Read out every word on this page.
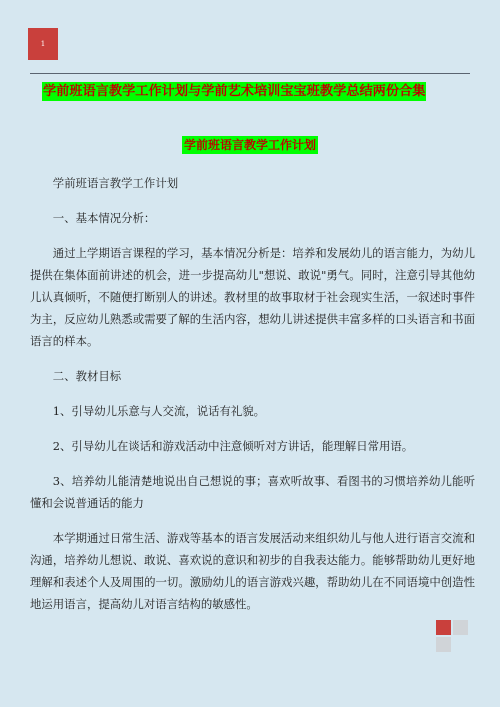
1
学前班语言教学工作计划与学前艺术培训宝宝班教学总结两份合集
学前班语言教学工作计划

学前班语言教学工作计划

一、基本情况分析：

通过上学期语言课程的学习，基本情况分析是：培养和发展幼儿的语言能力，为幼儿提供在集体面前讲述的机会，进一步提高幼儿"想说、敢说"勇气。同时，注意引导其他幼儿认真倾听，不随便打断别人的讲述。教材里的故事取材于社会现实生活，一叙述时事件为主，反应幼儿熟悉或需要了解的生活内容，想幼儿讲述提供丰富多样的口头语言和书面语言的样本。

二、教材目标

1、引导幼儿乐意与人交流，说话有礼貌。

2、引导幼儿在谈话和游戏活动中注意倾听对方讲话，能理解日常用语。

3、培养幼儿能清楚地说出自己想说的事；喜欢听故事、看图书的习惯培养幼儿能听懂和会说普通话的能力

本学期通过日常生活、游戏等基本的语言发展活动来组织幼儿与他人进行语言交流和沟通，培养幼儿想说、敢说、喜欢说的意识和初步的自我表达能力。能够帮助幼儿更好地理解和表述个人及周围的一切。激励幼儿的语言游戏兴趣，帮助幼儿在不同语境中创造性地运用语言，提高幼儿对语言结构的敏感性。
